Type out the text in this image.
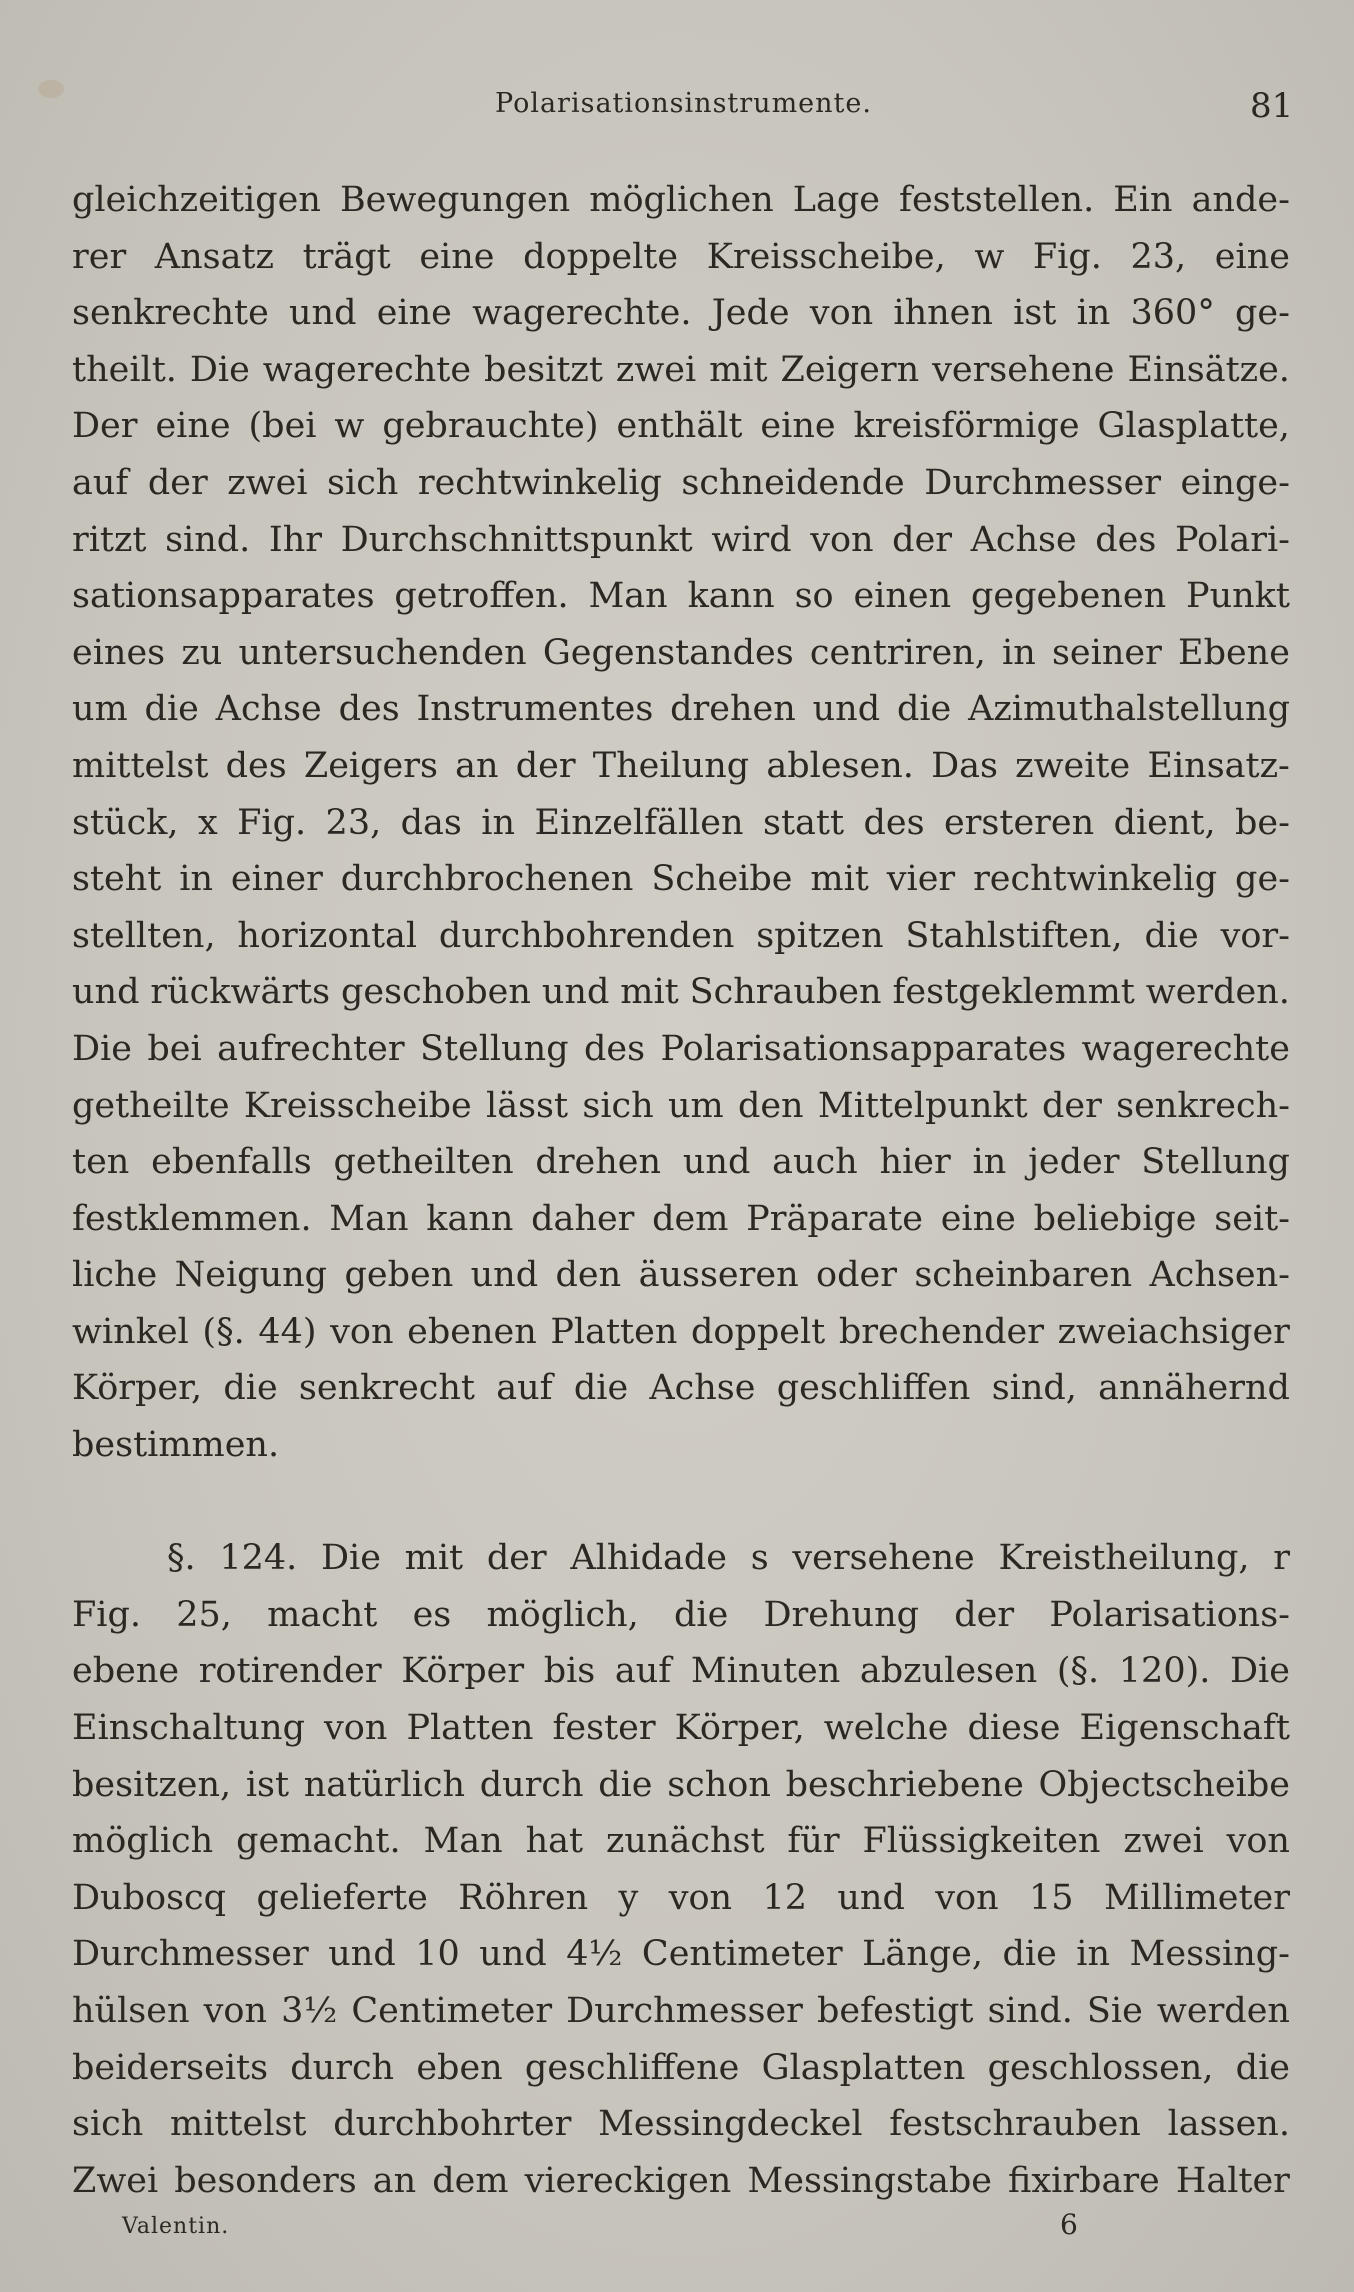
Polarisationsinstrumente.	81
gleichzeitigen Bewegungen möglichen Lage feststellen. Ein ande-
rer Ansatz trägt eine doppelte Kreisscheibe, w Fig. 23, eine
senkrechte und eine wagerechte. Jede von ihnen ist in 360° ge-
theilt. Die wagerechte besitzt zwei mit Zeigern versehene Einsätze.
Der eine (bei w gebrauchte) enthält eine kreisförmige Glasplatte,
auf der zwei sich rechtwinkelig schneidende Durchmesser einge-
ritzt sind. Ihr Durchschnittspunkt wird von der Achse des Polari-
sationsapparates getroffen. Man kann so einen gegebenen Punkt
eines zu untersuchenden Gegenstandes centriren, in seiner Ebene
um die Achse des Instrumentes drehen und die Azimuthalstellung
mittelst des Zeigers an der Theilung ablesen. Das zweite Einsatz-
stück, x Fig. 23, das in Einzelfällen statt des ersteren dient, be-
steht in einer durchbrochenen Scheibe mit vier rechtwinkelig ge-
stellten, horizontal durchbohrenden spitzen Stahlstiften, die vor-
und rückwärts geschoben und mit Schrauben festgeklemmt werden.
Die bei aufrechter Stellung des Polarisationsapparates wagerechte
getheilte Kreisscheibe lässt sich um den Mittelpunkt der senkrech-
ten ebenfalls getheilten drehen und auch hier in jeder Stellung
festklemmen. Man kann daher dem Präparate eine beliebige seit-
liche Neigung geben und den äusseren oder scheinbaren Achsen-
winkel (§. 44) von ebenen Platten doppelt brechender zweiachsiger
Körper, die senkrecht auf die Achse geschliffen sind, annähernd
bestimmen.
§. 124. Die mit der Alhidade s versehene Kreistheilung, r
Fig. 25, macht es möglich, die Drehung der Polarisations-
ebene rotirender Körper bis auf Minuten abzulesen (§. 120). Die
Einschaltung von Platten fester Körper, welche diese Eigenschaft
besitzen, ist natürlich durch die schon beschriebene Objectscheibe
möglich gemacht. Man hat zunächst für Flüssigkeiten zwei von
Duboscq gelieferte Röhren y von 12 und von 15 Millimeter
Durchmesser und 10 und 4½ Centimeter Länge, die in Messing-
hülsen von 3½ Centimeter Durchmesser befestigt sind. Sie werden
beiderseits durch eben geschliffene Glasplatten geschlossen, die
sich mittelst durchbohrter Messingdeckel festschrauben lassen.
Zwei besonders an dem viereckigen Messingstabe fixirbare Halter
Valentin.	6
